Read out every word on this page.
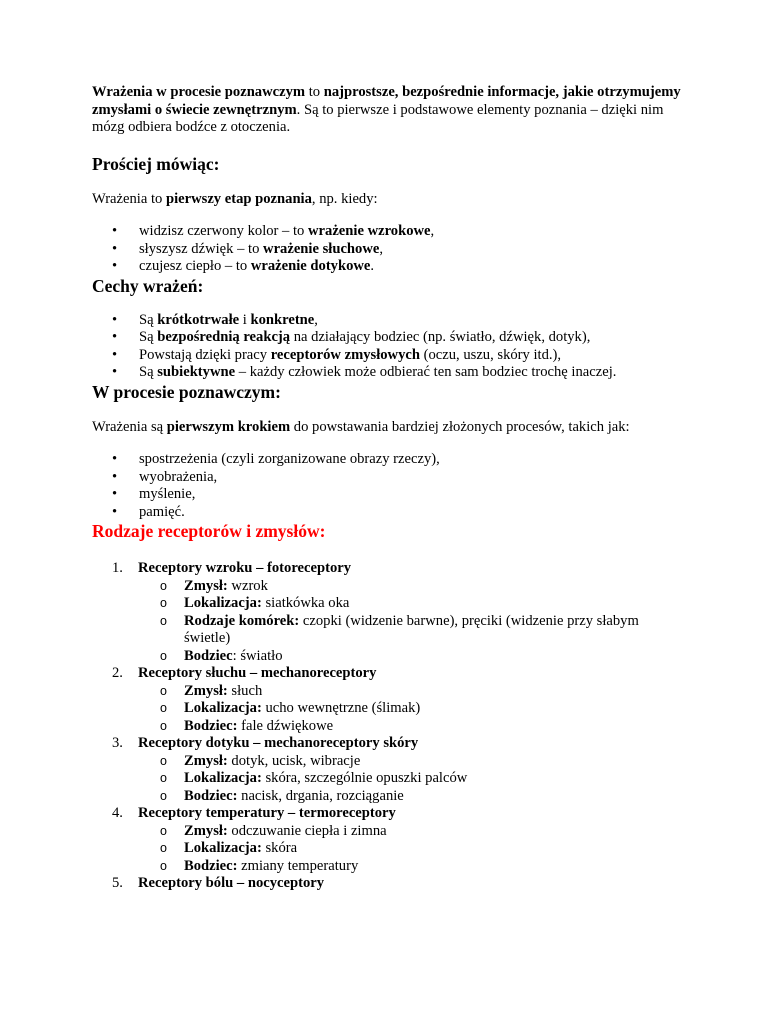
Wrażenia w procesie poznawczym to najprostsze, bezpośrednie informacje, jakie otrzymujemy zmysłami o świecie zewnętrznym. Są to pierwsze i podstawowe elementy poznania – dzięki nim mózg odbiera bodźce z otoczenia.

Prościej mówiąc:

Wrażenia to pierwszy etap poznania, np. kiedy:

• widzisz czerwony kolor – to wrażenie wzrokowe,
• słyszysz dźwięk – to wrażenie słuchowe,
• czujesz ciepło – to wrażenie dotykowe.
Cechy wrażeń:
• Są krótkotrwałe i konkretne,
• Są bezpośrednią reakcją na działający bodziec (np. światło, dźwięk, dotyk),
• Powstają dzięki pracy receptorów zmysłowych (oczu, uszu, skóry itd.),
• Są subiektywne – każdy człowiek może odbierać ten sam bodziec trochę inaczej.
W procesie poznawczym:

Wrażenia są pierwszym krokiem do powstawania bardziej złożonych procesów, takich jak:

• spostrzeżenia (czyli zorganizowane obrazy rzeczy),
• wyobrażenia,
• myślenie,
• pamięć.
Rodzaje receptorów i zmysłów:
1. Receptory wzroku – fotoreceptory
o Zmysł: wzrok
o Lokalizacja: siatkówka oka
o Rodzaje komórek: czopki (widzenie barwne), pręciki (widzenie przy słabym świetle)
o Bodziec: światło
2. Receptory słuchu – mechanoreceptory
o Zmysł: słuch
o Lokalizacja: ucho wewnętrzne (ślimak)
o Bodziec: fale dźwiękowe
3. Receptory dotyku – mechanoreceptory skóry
o Zmysł: dotyk, ucisk, wibracje
o Lokalizacja: skóra, szczególnie opuszki palców
o Bodziec: nacisk, drgania, rozciąganie
4. Receptory temperatury – termoreceptory
o Zmysł: odczuwanie ciepła i zimna
o Lokalizacja: skóra
o Bodziec: zmiany temperatury
5. Receptory bólu – nocyceptory
